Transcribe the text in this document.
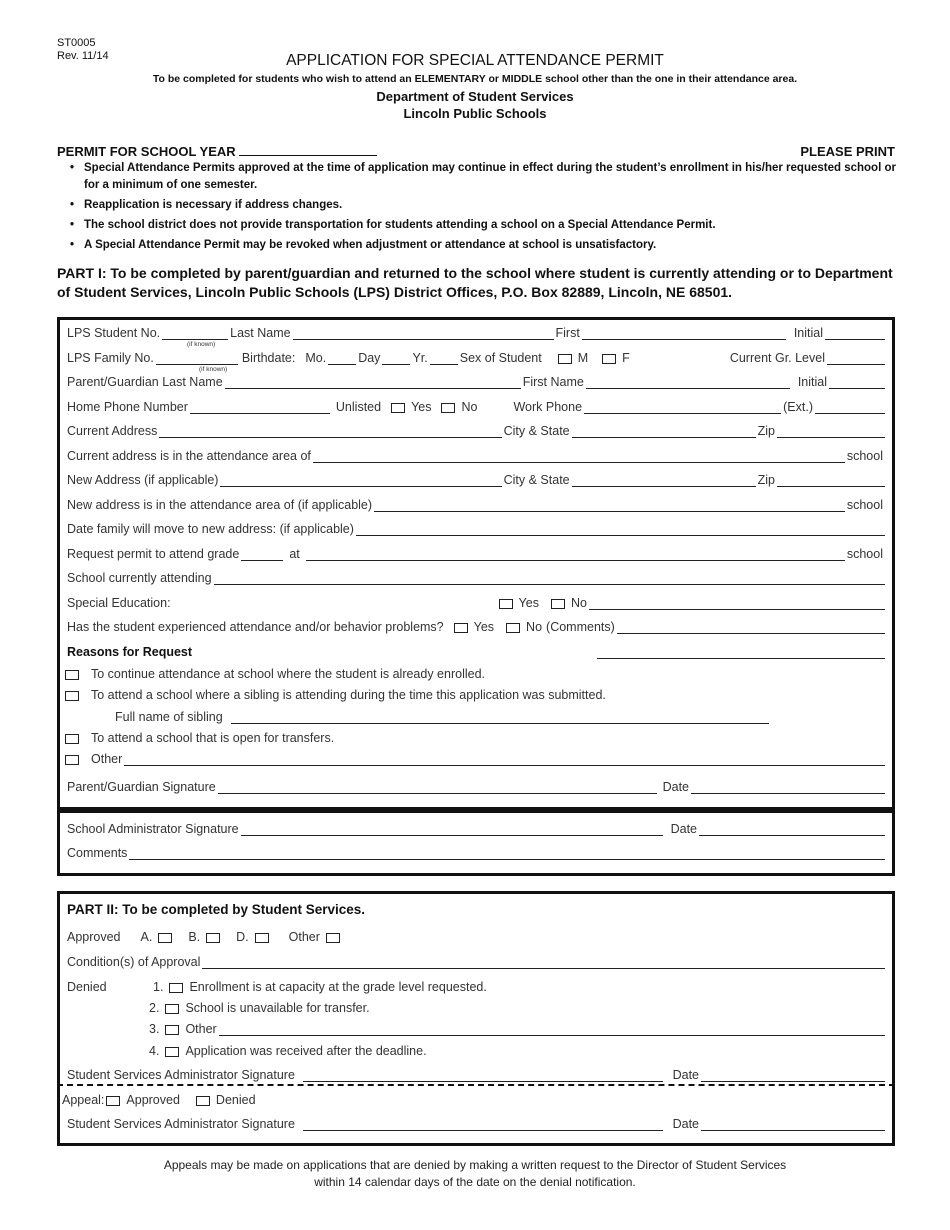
ST0005
Rev. 11/14	APPLICATION FOR SPECIAL ATTENDANCE PERMIT
To be completed for students who wish to attend an ELEMENTARY or MIDDLE school other than the one in their attendance area.
Department of Student Services
Lincoln Public Schools
PERMIT FOR SCHOOL YEAR	PLEASE PRINT
• Special Attendance Permits approved at the time of application may continue in effect during the student’s enrollment in his/her requested school or for a minimum of one semester.
• Reapplication is necessary if address changes.
• The school district does not provide transportation for students attending a school on a Special Attendance Permit.
• A Special Attendance Permit may be revoked when adjustment or attendance at school is unsatisfactory.
PART I: To be completed by parent/guardian and returned to the school where student is currently attending or to Department of Student Services, Lincoln Public Schools (LPS) District Offices, P.O. Box 82889, Lincoln, NE 68501.
LPS Student No.	Last Name	First	Initial
(if known)
LPS Family No.	Birthdate: Mo.	Day	Yr.	Sex of Student	M	F	Current Gr. Level
(if known)
Parent/Guardian Last Name	First Name	Initial
Home Phone Number	Unlisted Yes No	Work Phone	(Ext.)
Current Address	City & State	Zip
Current address is in the attendance area of	school
New Address (if applicable)	City & State	Zip
New address is in the attendance area of (if applicable)	school
Date family will move to new address: (if applicable)
Request permit to attend grade	at	school
School currently attending
Special Education:	Yes	No
Has the student experienced attendance and/or behavior problems? Yes	No (Comments)
Reasons for Request
To continue attendance at school where the student is already enrolled.
To attend a school where a sibling is attending during the time this application was submitted.
Full name of sibling
To attend a school that is open for transfers.
Other
Parent/Guardian Signature	Date
School Administrator Signature	Date
Comments
PART II: To be completed by Student Services.
Approved A.	B.	D.	Other
Condition(s) of Approval
Denied	1. Enrollment is at capacity at the grade level requested.
2. School is unavailable for transfer.
3. Other
4. Application was received after the deadline.
Student Services Administrator Signature	Date
Appeal: Approved	Denied
Student Services Administrator Signature	Date
Appeals may be made on applications that are denied by making a written request to the Director of Student Services
within 14 calendar days of the date on the denial notification.
